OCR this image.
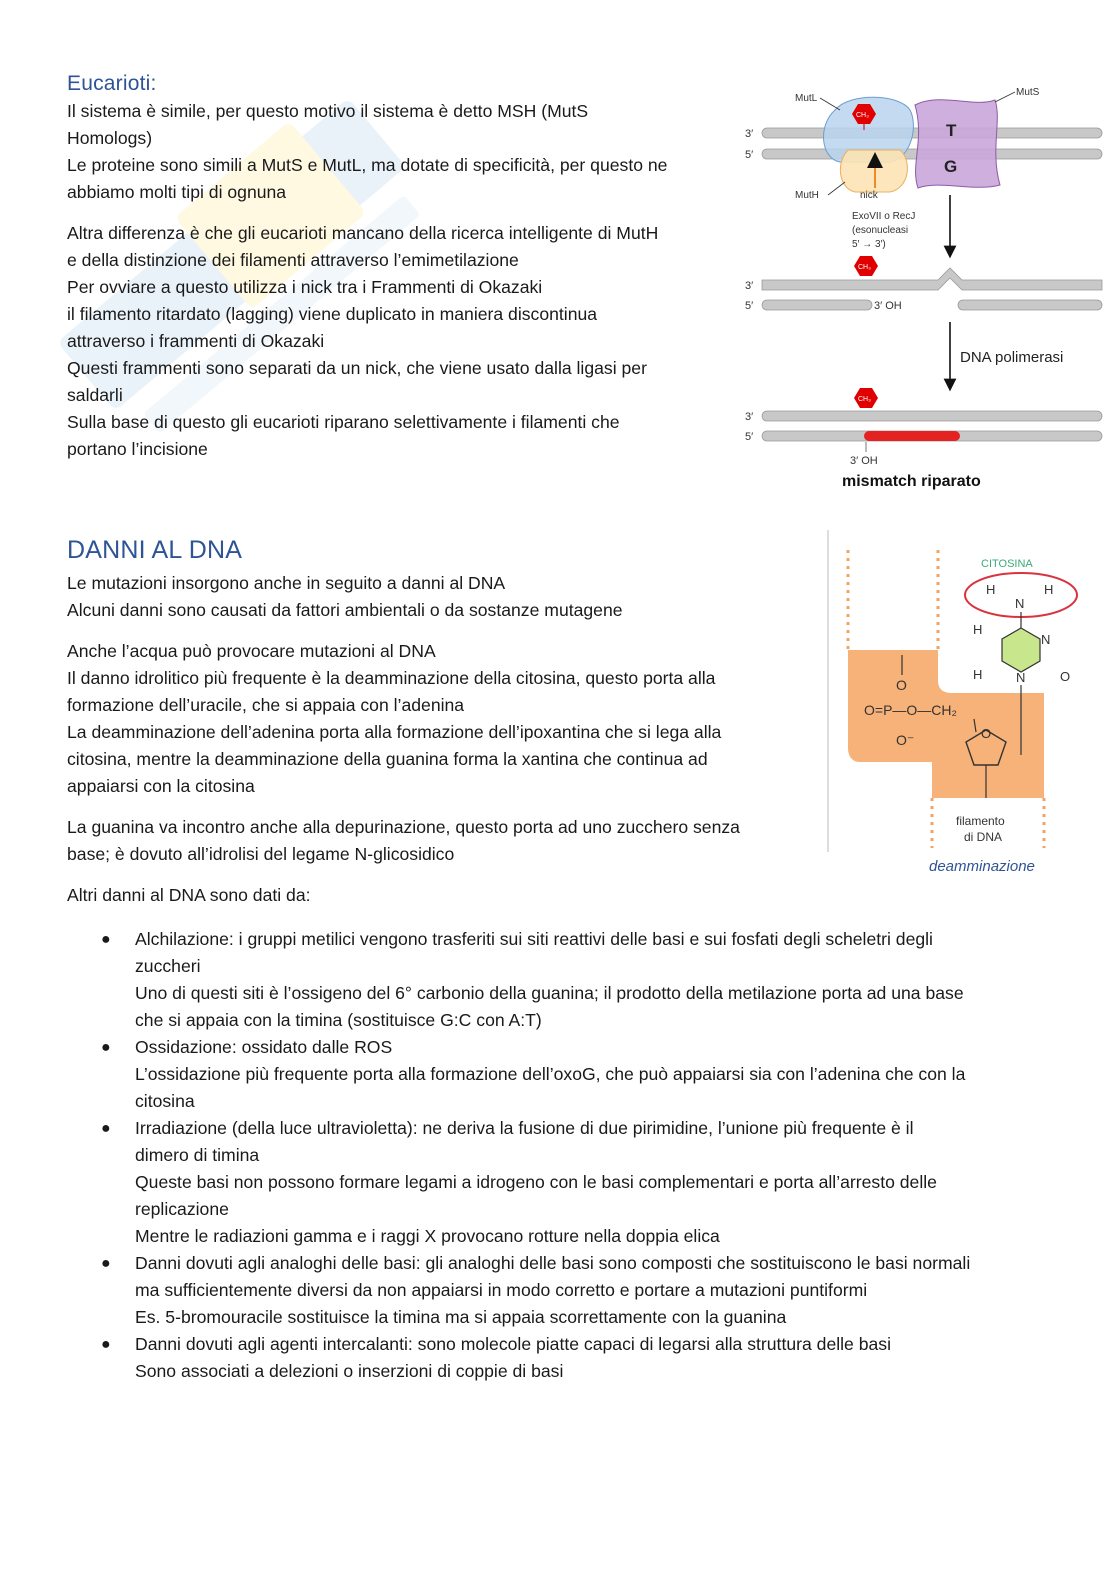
Eucarioti:

Il sistema è simile, per questo motivo il sistema è detto MSH (MutS

Homologs)

Le proteine sono simili a MutS e MutL, ma dotate di specificità, per questo ne

abbiamo molti tipi di ognuna

Altra differenza è che gli eucarioti mancano della ricerca intelligente di MutH

e della distinzione dei filamenti attraverso l’emimetilazione

Per ovviare a questo utilizza i nick tra i Frammenti di Okazaki

il filamento ritardato (lagging) viene duplicato in maniera discontinua

attraverso i frammenti di Okazaki

Questi frammenti sono separati da un nick, che viene usato dalla ligasi per

saldarli

Sulla base di questo gli eucarioti riparano selettivamente i filamenti che

portano l’incisione

3′
5′
T
G
CH₃
MutL
MutS
MutH	nick
ExoVII o RecJ
(esonucleasi
5′ → 3′)
3′
5′	3′ OH
CH₃
DNA polimerasi
3′
5′
CH₃
3′ OH
mismatch riparato
DANNI AL DNA

Le mutazioni insorgono anche in seguito a danni al DNA

Alcuni danni sono causati da fattori ambientali o da sostanze mutagene

Anche l’acqua può provocare mutazioni al DNA

Il danno idrolitico più frequente è la deamminazione della citosina, questo porta alla

formazione dell’uracile, che si appaia con l’adenina

La deamminazione dell’adenina porta alla formazione dell’ipoxantina che si lega alla

citosina, mentre la deamminazione della guanina forma la xantina che continua ad

appaiarsi con la citosina

La guanina va incontro anche alla depurinazione, questo porta ad uno zucchero senza

base; è dovuto all’idrolisi del legame N-glicosidico

Altri danni al DNA sono dati da:

● Alchilazione: i gruppi metilici vengono trasferiti sui siti reattivi delle basi e sui fosfati degli scheletri degli

zuccheri

Uno di questi siti è l’ossigeno del 6° carbonio della guanina; il prodotto della metilazione porta ad una base

che si appaia con la timina (sostituisce G:C con A:T)

● Ossidazione: ossidato dalle ROS

L’ossidazione più frequente porta alla formazione dell’oxoG, che può appaiarsi sia con l’adenina che con la

citosina

● Irradiazione (della luce ultravioletta): ne deriva la fusione di due pirimidine, l’unione più frequente è il

dimero di timina

Queste basi non possono formare legami a idrogeno con le basi complementari e porta all’arresto delle

replicazione

Mentre le radiazioni gamma e i raggi X provocano rotture nella doppia elica

● Danni dovuti agli analoghi delle basi: gli analoghi delle basi sono composti che sostituiscono le basi normali

ma sufficientemente diversi da non appaiarsi in modo corretto e portare a mutazioni puntiformi

Es. 5-bromouracile sostituisce la timina ma si appaia scorrettamente con la guanina

● Danni dovuti agli agenti intercalanti: sono molecole piatte capaci di legarsi alla struttura delle basi

Sono associati a delezioni o inserzioni di coppie di basi

CITOSINA
H
N
H
N
N	O
H
H
O
O=P—O—CH₂
O⁻	O
filamento
di DNA
deamminazione
